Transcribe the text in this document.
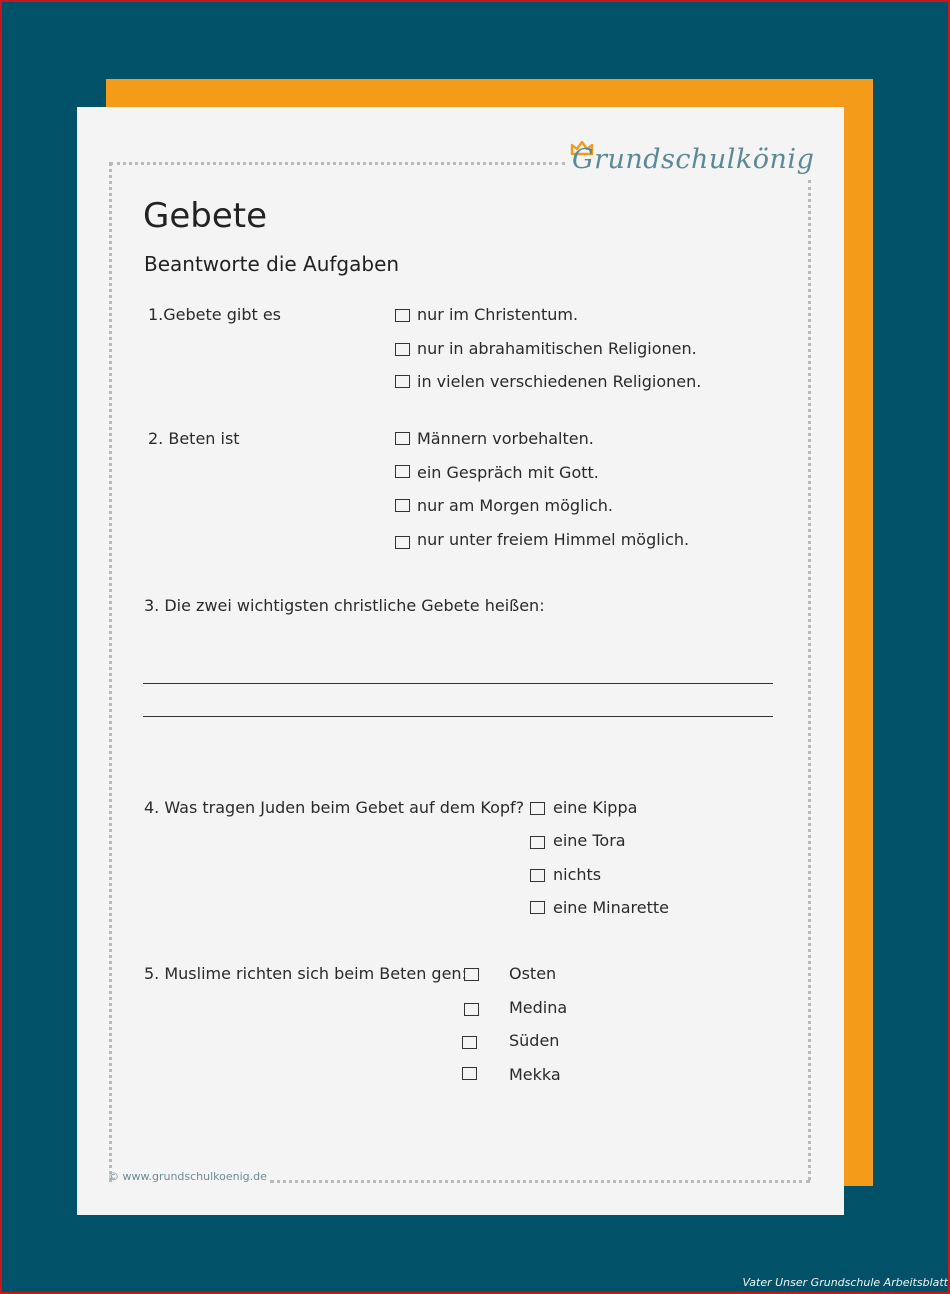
Grundschulkönig
Gebete
Beantworte die Aufgaben
1.Gebete gibt es	nur im Christentum.
nur in abrahamitischen Religionen.
in vielen verschiedenen Religionen.
2. Beten ist	Männern vorbehalten.
ein Gespräch mit Gott.
nur am Morgen möglich.
nur unter freiem Himmel möglich.
3. Die zwei wichtigsten christliche Gebete heißen:
4. Was tragen Juden beim Gebet auf dem Kopf? eine Kippa
eine Tora
nichts
eine Minarette
5. Muslime richten sich beim Beten gen:	Osten
Medina
Süden
Mekka
© www.grundschulkoenig.de
Vater Unser Grundschule Arbeitsblatt
